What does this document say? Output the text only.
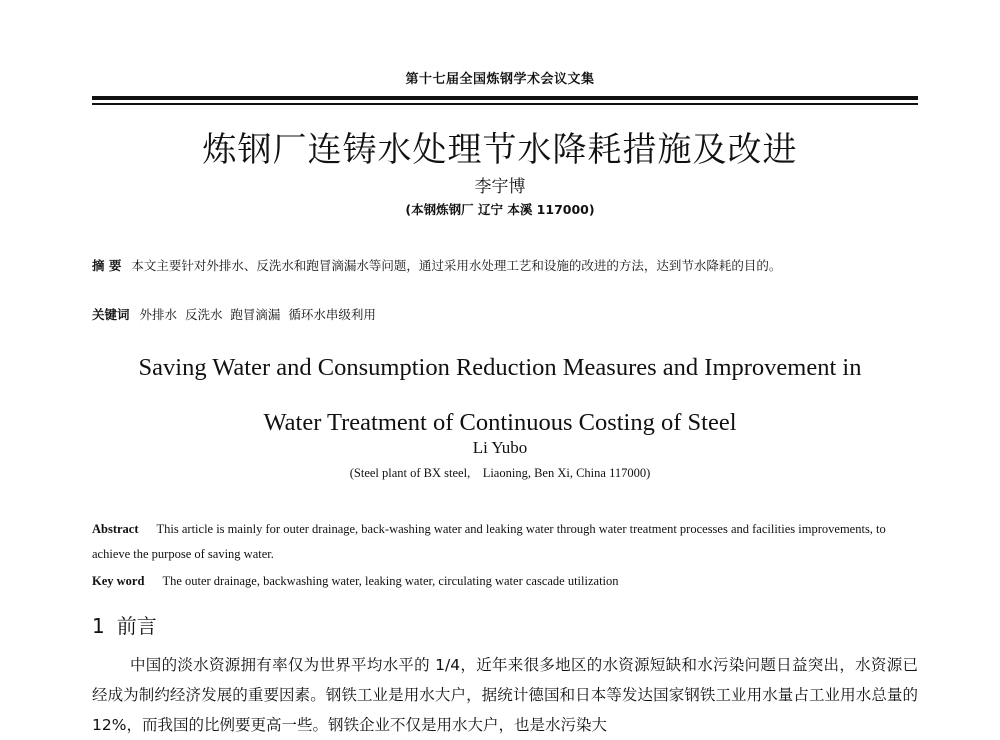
第十七届全国炼钢学术会议文集
炼钢厂连铸水处理节水降耗措施及改进
李宇博
(本钢炼钢厂 辽宁 本溪 117000)
摘 要 本文主要针对外排水、反洗水和跑冒滴漏水等问题，通过采用水处理工艺和设施的改进的方法，达到节水降耗的目的。
关键词 外排水  反洗水  跑冒滴漏  循环水串级利用
Saving Water and Consumption Reduction Measures and Improvement in
Water Treatment of Continuous Costing of Steel
Li Yubo
(Steel plant of BX steel,    Liaoning, Ben Xi, China 117000)
Abstract This article is mainly for outer drainage, back-washing water and leaking water through water treatment processes and facilities improvements, to achieve the purpose of saving water.
Key word The outer drainage, backwashing water, leaking water, circulating water cascade utilization
1 前言
中国的淡水资源拥有率仅为世界平均水平的 1/4，近年来很多地区的水资源短缺和水污染问题日益突出，水资源已经成为制约经济发展的重要因素。钢铁工业是用水大户，据统计德国和日本等发达国家钢铁工业用水量占工业用水总量的 12%，而我国的比例要更高一些。钢铁企业不仅是用水大户，也是水污染大
